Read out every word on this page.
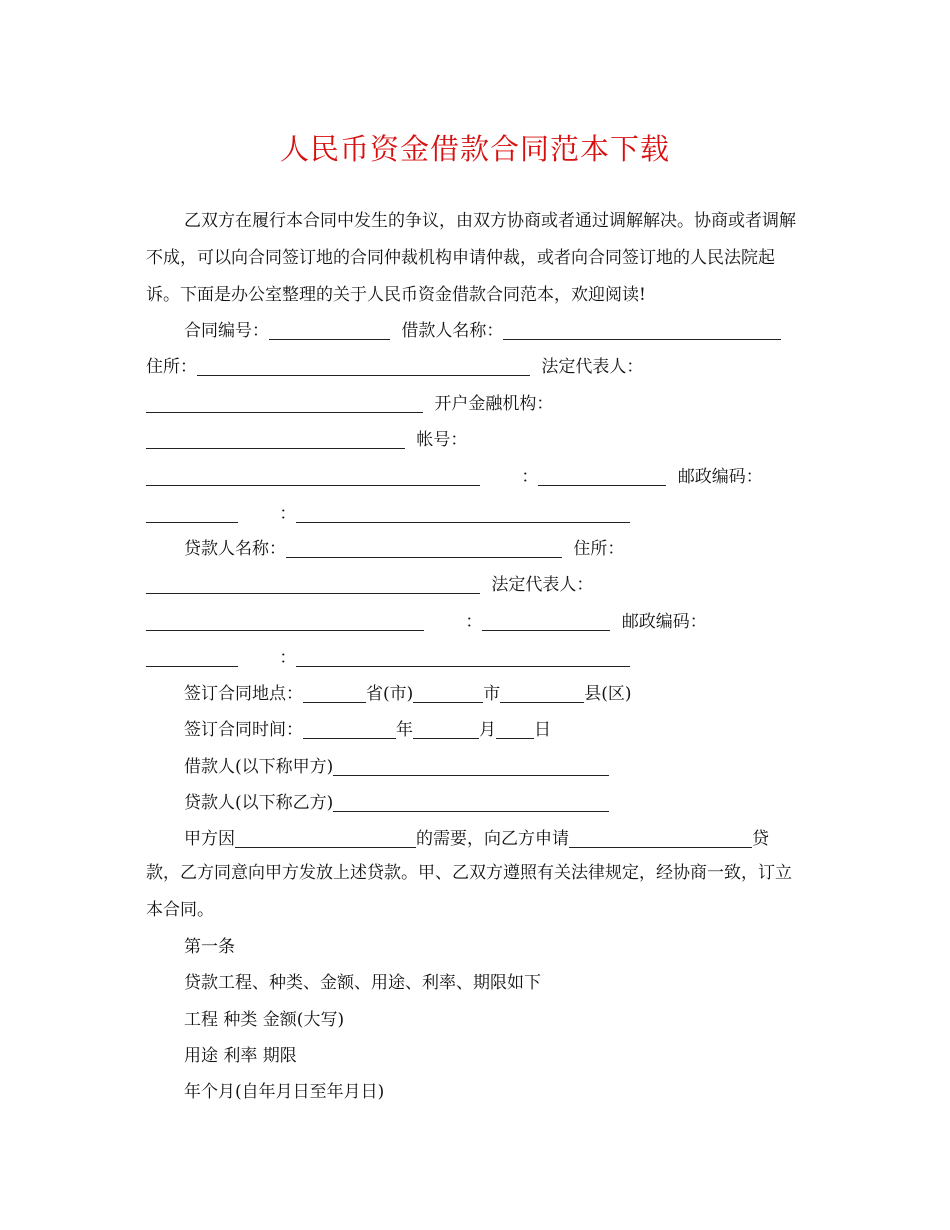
人民币资金借款合同范本下载
乙双方在履行本合同中发生的争议，由双方协商或者通过调解解决。协商或者调解不成，可以向合同签订地的合同仲裁机构申请仲裁，或者向合同签订地的人民法院起诉。下面是办公室整理的关于人民币资金借款合同范本，欢迎阅读!
合同编号：	借款人名称：
住所：	法定代表人：
开户金融机构：
帐号：
：	邮政编码：
：
贷款人名称：	住所：
法定代表人：
：	邮政编码：
：
签订合同地点：	省(市)	市	县(区)
签订合同时间：	年	月 日
借款人(以下称甲方)
贷款人(以下称乙方)
甲方因	的需要，向乙方申请	贷
款，乙方同意向甲方发放上述贷款。甲、乙双方遵照有关法律规定，经协商一致，订立本合同。
第一条
贷款工程、种类、金额、用途、利率、期限如下
工程 种类 金额(大写)
用途 利率 期限
年个月(自年月日至年月日)
